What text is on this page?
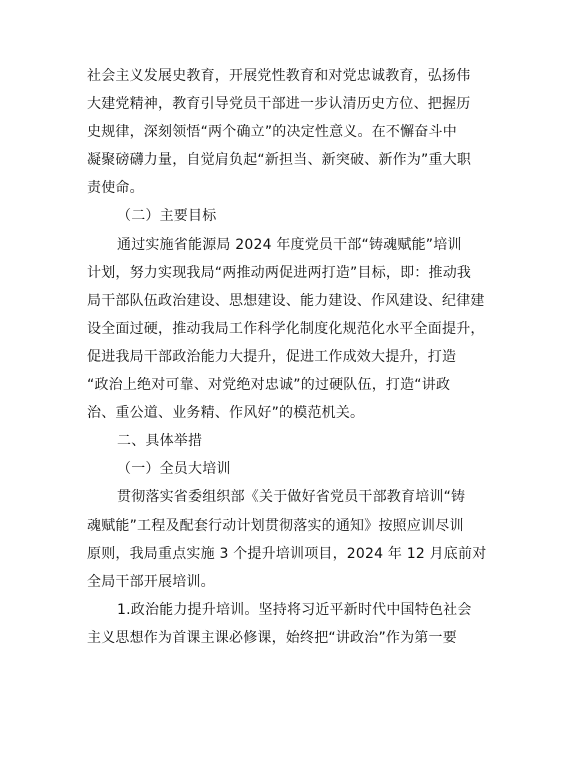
社会主义发展史教育，开展党性教育和对党忠诚教育，弘扬伟
大建党精神，教育引导党员干部进一步认清历史方位、把握历
史规律，深刻领悟“两个确立”的决定性意义。在不懈奋斗中
凝聚磅礴力量，自觉肩负起“新担当、新突破、新作为”重大职
责使命。
（二）主要目标
通过实施省能源局 2024 年度党员干部“铸魂赋能”培训
计划，努力实现我局“两推动两促进两打造”目标，即：推动我
局干部队伍政治建设、思想建设、能力建设、作风建设、纪律建
设全面过硬，推动我局工作科学化制度化规范化水平全面提升，
促进我局干部政治能力大提升，促进工作成效大提升，打造
“政治上绝对可靠、对党绝对忠诚”的过硬队伍，打造“讲政
治、重公道、业务精、作风好”的模范机关。
二、具体举措
（一）全员大培训
贯彻落实省委组织部《关于做好省党员干部教育培训“铸
魂赋能”工程及配套行动计划贯彻落实的通知》按照应训尽训
原则，我局重点实施 3 个提升培训项目，2024 年 12 月底前对
全局干部开展培训。
1.政治能力提升培训。坚持将习近平新时代中国特色社会
主义思想作为首课主课必修课，始终把“讲政治”作为第一要
